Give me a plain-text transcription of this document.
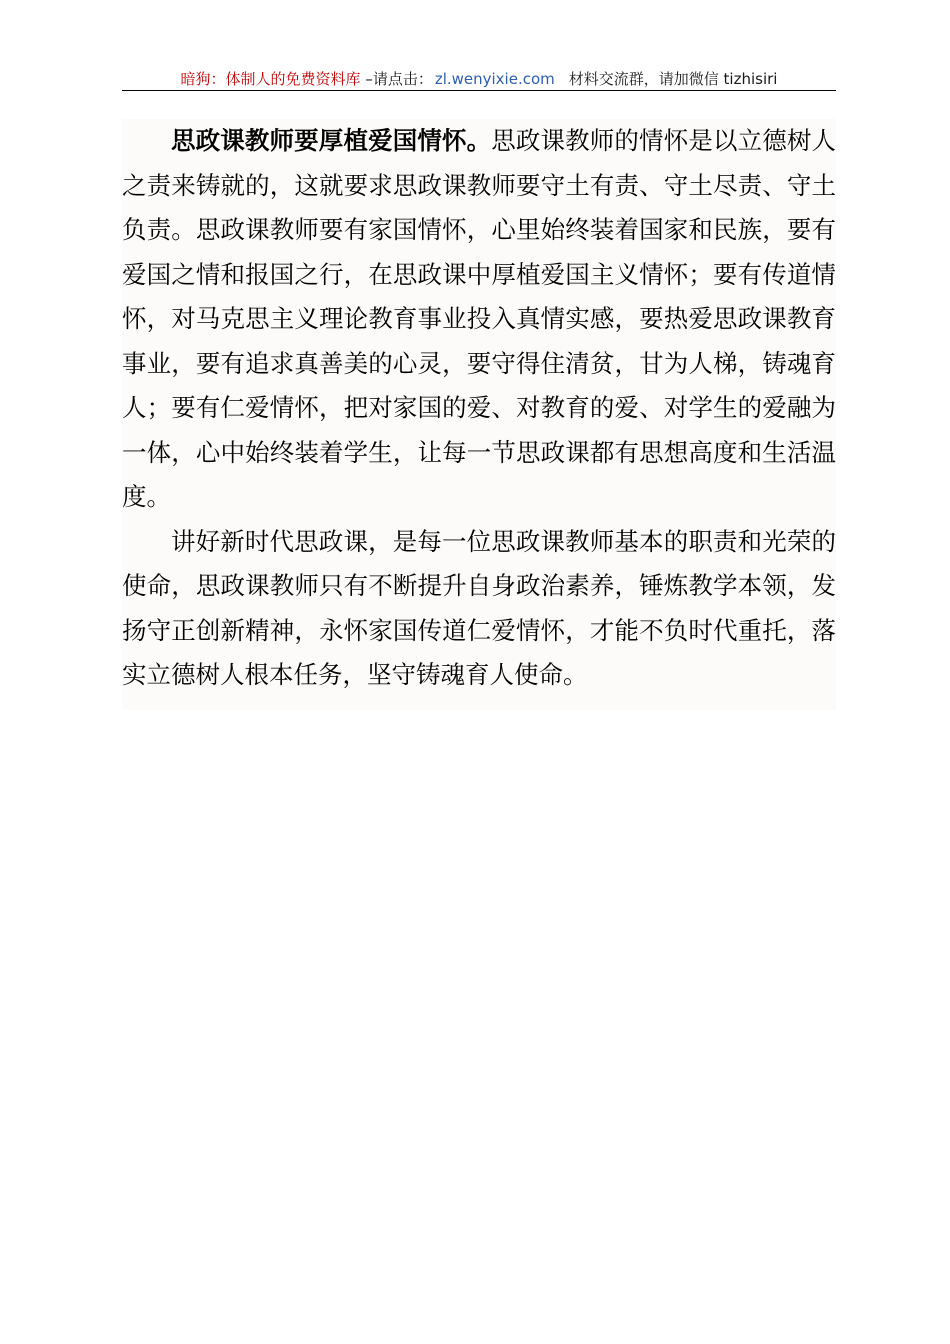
暗狗：体制人的免费资料库 –请点击： zl.wenyixie.com 材料交流群，请加微信 tizhisiri

思政课教师要厚植爱国情怀。思政课教师的情怀是以立德树人之责来铸就的，这就要求思政课教师要守土有责、守土尽责、守土负责。思政课教师要有家国情怀，心里始终装着国家和民族，要有爱国之情和报国之行，在思政课中厚植爱国主义情怀；要有传道情怀，对马克思主义理论教育事业投入真情实感，要热爱思政课教育事业，要有追求真善美的心灵，要守得住清贫，甘为人梯，铸魂育人；要有仁爱情怀，把对家国的爱、对教育的爱、对学生的爱融为一体，心中始终装着学生，让每一节思政课都有思想高度和生活温度。

讲好新时代思政课，是每一位思政课教师基本的职责和光荣的使命，思政课教师只有不断提升自身政治素养，锤炼教学本领，发扬守正创新精神，永怀家国传道仁爱情怀，才能不负时代重托，落实立德树人根本任务，坚守铸魂育人使命。
